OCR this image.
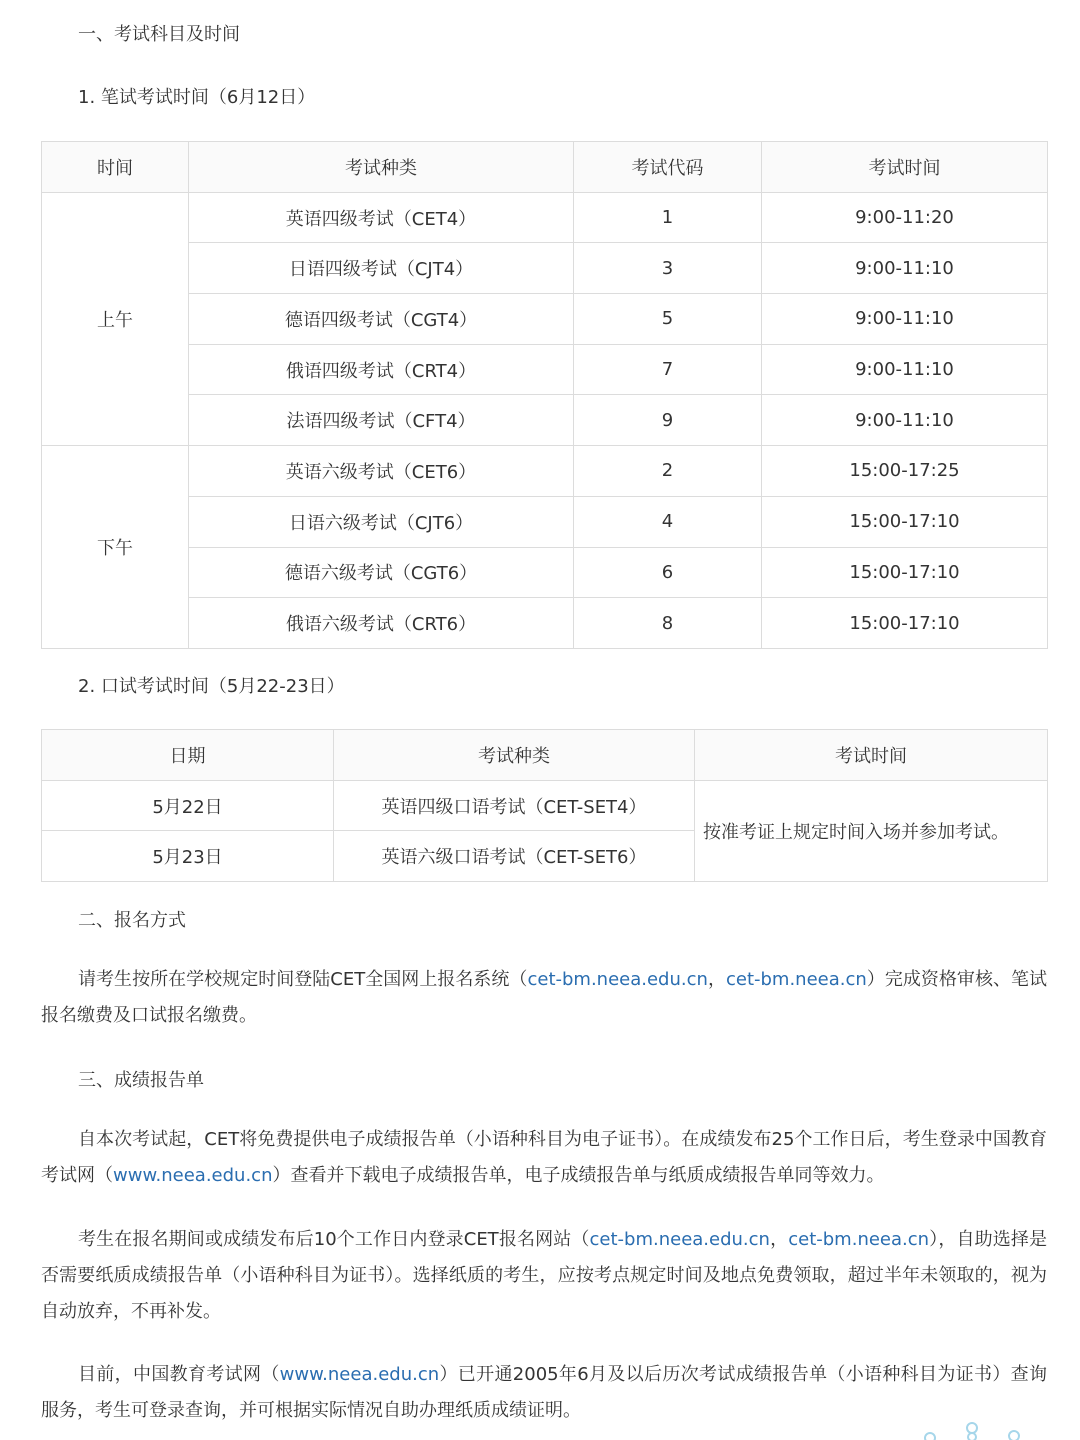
一、考试科目及时间
1. 笔试考试时间（6月12日）
时间	考试种类	考试代码	考试时间
上午	英语四级考试（CET4）	1	9:00-11:20
	日语四级考试（CJT4）	3	9:00-11:10
	德语四级考试（CGT4）	5	9:00-11:10
	俄语四级考试（CRT4）	7	9:00-11:10
	法语四级考试（CFT4）	9	9:00-11:10
下午	英语六级考试（CET6）	2	15:00-17:25
	日语六级考试（CJT6）	4	15:00-17:10
	德语六级考试（CGT6）	6	15:00-17:10
	俄语六级考试（CRT6）	8	15:00-17:10
2. 口试考试时间（5月22-23日）
日期	考试种类	考试时间
5月22日	英语四级口语考试（CET-SET4）	按准考证上规定时间入场并参加考试。
5月23日	英语六级口语考试（CET-SET6）	
二、报名方式

请考生按所在学校规定时间登陆CET全国网上报名系统（cet-bm.neea.edu.cn，cet-bm.neea.cn）完成资格审核、笔试报名缴费及口试报名缴费。

三、成绩报告单

自本次考试起，CET将免费提供电子成绩报告单（小语种科目为电子证书）。在成绩发布25个工作日后，考生登录中国教育考试网（www.neea.edu.cn）查看并下载电子成绩报告单，电子成绩报告单与纸质成绩报告单同等效力。

考生在报名期间或成绩发布后10个工作日内登录CET报名网站（cet-bm.neea.edu.cn，cet-bm.neea.cn），自助选择是否需要纸质成绩报告单（小语种科目为证书）。选择纸质的考生，应按考点规定时间及地点免费领取，超过半年未领取的，视为自动放弃，不再补发。

目前，中国教育考试网（www.neea.edu.cn）已开通2005年6月及以后历次考试成绩报告单（小语种科目为证书）查询服务，考生可登录查询，并可根据实际情况自助办理纸质成绩证明。
